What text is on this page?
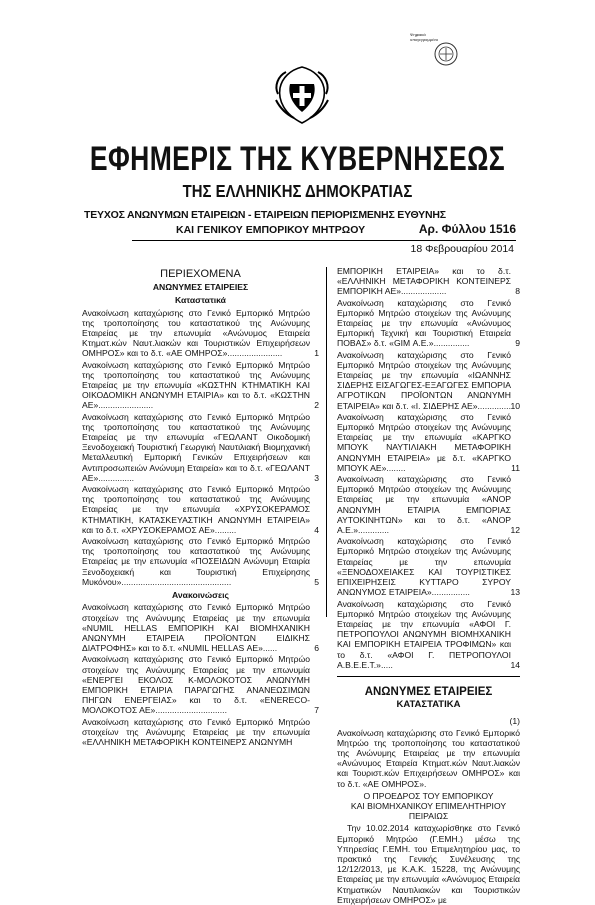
Ψηφιακά υπογεγραμμένο
ΕΦΗΜΕΡΙΣ ΤΗΣ ΚΥΒΕΡΝΗΣΕΩΣ
ΤΗΣ ΕΛΛΗΝΙΚΗΣ ΔΗΜΟΚΡΑΤΙΑΣ
ΤΕΥΧΟΣ ΑΝΩΝΥΜΩΝ ΕΤΑΙΡΕΙΩΝ - ΕΤΑΙΡΕΙΩΝ ΠΕΡΙΟΡΙΣΜΕΝΗΣ ΕΥΘΥΝΗΣ
ΚΑΙ ΓΕΝΙΚΟΥ ΕΜΠΟΡΙΚΟΥ ΜΗΤΡΩΟΥ	Αρ. Φύλλου 1516
18 Φεβρουαρίου 2014
ΠΕΡΙΕΧΟΜΕΝΑ
ΑΝΩΝΥΜΕΣ ΕΤΑΙΡΕΙΕΣ
Καταστατικά
Ανακοίνωση καταχώρισης στο Γενικό Εμπορικό Μητρώο της τροποποίησης του καταστατικού της Ανώνυμης Εταιρείας με την επωνυμία «Ανώνυμος Εταιρεία Κτηματ.κών Ναυτ.λιακών και Τουριστικών Επιχειρήσεων ΟΜΗΡΟΣ» και το δ.τ. «ΑΕ ΟΜΗΡΟΣ».......................	1
Ανακοίνωση καταχώρισης στο Γενικό Εμπορικό Μητρώο της τροποποίησης του καταστατικού της Ανώνυμης Εταιρείας με την επωνυμία «ΚΩΣΤΗΝ ΚΤΗΜΑΤΙΚΗ ΚΑΙ ΟΙΚΟΔΟΜΙΚΗ ΑΝΩΝΥΜΗ ΕΤΑΙΡΙΑ» και το δ.τ. «ΚΩΣΤΗΝ ΑΕ».......................	2
Ανακοίνωση καταχώρισης στο Γενικό Εμπορικό Μητρώο της τροποποίησης του καταστατικού της Ανώνυμης Εταιρείας με την επωνυμία «ΓΕΩΛΑΝΤ Οικοδομική Ξενοδοχειακή Τουριστική Γεωργική Ναυτιλιακή Βιομηχανική Μεταλλευτική Εμπορική Γενικών Επιχειρήσεων και Αντιπροσωπειών Ανώνυμη Εταιρεία» και το δ.τ. «ΓΕΩΛΑΝΤ ΑΕ»...............	3
Ανακοίνωση καταχώρισης στο Γενικό Εμπορικό Μητρώο της τροποποίησης του καταστατικού της Ανώνυμης Εταιρείας με την επωνυμία «ΧΡΥΣΟΚΕΡΑΜΟΣ ΚΤΗΜΑΤΙΚΗ, ΚΑΤΑΣΚΕΥΑΣΤΙΚΗ ΑΝΩΝΥΜΗ ΕΤΑΙΡΕΙΑ» και το δ.τ. «ΧΡΥΣΟΚΕΡΑΜΟΣ ΑΕ».........	4
Ανακοίνωση καταχώρισης στο Γενικό Εμπορικό Μητρώο της τροποποίησης του καταστατικού της Ανώνυμης Εταιρείας με την επωνυμία «ΠΟΣΕΙΔΩΝ Ανώνυμη Εταιρία Ξενοδοχειακή και Τουριστική Επιχείρησης Μυκόνου»..............................................	5
Ανακοινώσεις
Ανακοίνωση καταχώρισης στο Γενικό Εμπορικό Μητρώο στοιχείων της Ανώνυμης Εταιρείας με την επωνυμία «NUMIL HELLAS ΕΜΠΟΡΙΚΗ ΚΑΙ ΒΙΟΜΗΧΑΝΙΚΗ ΑΝΩΝΥΜΗ ΕΤΑΙΡΕΙΑ ΠΡΟΪΟΝΤΩΝ ΕΙΔΙΚΗΣ ΔΙΑΤΡΟΦΗΣ» και το δ.τ. «NUMIL HELLAS ΑΕ»......	6
Ανακοίνωση καταχώρισης στο Γενικό Εμπορικό Μητρώο στοιχείων της Ανώνυμης Εταιρείας με την επωνυμία «ΕΝΕΡΓΕΙ ΕΚΟΛΟΣ Κ-ΜΟΛΟΚΟΤΟΣ ΑΝΩΝΥΜΗ ΕΜΠΟΡΙΚΗ ΕΤΑΙΡΙΑ ΠΑΡΑΓΩΓΗΣ ΑΝΑΝΕΩΣΙΜΩΝ ΠΗΓΩΝ ΕΝΕΡΓΕΙΑΣ» και το δ.τ. «ENERECO-ΜΟΛΟΚΟΤΟΣ ΑΕ»..............................	7
Ανακοίνωση καταχώρισης στο Γενικό Εμπορικό Μητρώο στοιχείων της Ανώνυμης Εταιρείας με την επωνυμία «ΕΛΛΗΝΙΚΗ ΜΕΤΑΦΟΡΙΚΗ ΚΟΝΤΕΙΝΕΡΣ ΑΝΩΝΥΜΗ
ΕΜΠΟΡΙΚΗ ΕΤΑΙΡΕΙΑ» και το δ.τ. «ΕΛΛΗΝΙΚΗ ΜΕΤΑΦΟΡΙΚΗ ΚΟΝΤΕΙΝΕΡΣ ΕΜΠΟΡΙΚΗ ΑΕ»...................	8
Ανακοίνωση καταχώρισης στο Γενικό Εμπορικό Μητρώο στοιχείων της Ανώνυμης Εταιρείας με την επωνυμία «Ανώνυμος Εμπορική Τεχνική και Τουριστική Εταιρεία ΠΟΒΑΣ» δ.τ. «GIM Α.Ε.»...............	9
Ανακοίνωση καταχώρισης στο Γενικό Εμπορικό Μητρώο στοιχείων της Ανώνυμης Εταιρείας με την επωνυμία «ΙΩΑΝΝΗΣ ΣΙΔΕΡΗΣ ΕΙΣΑΓΩΓΕΣ-ΕΞΑΓΩΓΕΣ ΕΜΠΟΡΙΑ ΑΓΡΟΤΙΚΩΝ ΠΡΟΪΟΝΤΩΝ ΑΝΩΝΥΜΗ ΕΤΑΙΡΕΙΑ» και δ.τ. «Ι. ΣΙΔΕΡΗΣ ΑΕ».............. 10
Ανακοίνωση καταχώρισης στο Γενικό Εμπορικό Μητρώο στοιχείων της Ανώνυμης Εταιρείας με την επωνυμία «ΚΑΡΓΚΟ ΜΠΟΥΚ ΝΑΥΤΙΛΙΑΚΗ ΜΕΤΑΦΟΡΙΚΗ ΑΝΩΝΥΜΗ ΕΤΑΙΡΕΙΑ» με δ.τ. «ΚΑΡΓΚΟ ΜΠΟΥΚ ΑΕ»........	11
Ανακοίνωση καταχώρισης στο Γενικό Εμπορικό Μητρώο στοιχείων της Ανώνυμης Εταιρείας με την επωνυμία «ΑΝΟΡ ΑΝΩΝΥΜΗ ΕΤΑΙΡΙΑ ΕΜΠΟΡΙΑΣ ΑΥΤΟΚΙΝΗΤΩΝ» και το δ.τ. «ΑΝΟΡ Α.Ε.».............	12
Ανακοίνωση καταχώρισης στο Γενικό Εμπορικό Μητρώο στοιχείων της Ανώνυμης Εταιρείας με την επωνυμία «ΞΕΝΟΔΟΧΕΙΑΚΕΣ ΚΑΙ ΤΟΥΡΙΣΤΙΚΕΣ ΕΠΙΧΕΙΡΗΣΕΙΣ ΚΥΤΤΑΡΟ ΣΥΡΟΥ ΑΝΩΝΥΜΟΣ ΕΤΑΙΡΕΙΑ»................	13
Ανακοίνωση καταχώρισης στο Γενικό Εμπορικό Μητρώο στοιχείων της Ανώνυμης Εταιρείας με την επωνυμία «ΑΦΟΙ Γ. ΠΕΤΡΟΠΟΥΛΟΙ ΑΝΩΝΥΜΗ ΒΙΟΜΗΧΑΝΙΚΗ ΚΑΙ ΕΜΠΟΡΙΚΗ ΕΤΑΙΡΕΙΑ ΤΡΟΦΙΜΩΝ» και το δ.τ. «ΑΦΟΙ Γ. ΠΕΤΡΟΠΟΥΛΟΙ Α.Β.Ε.Ε.Τ.».....	14
ΑΝΩΝΥΜΕΣ ΕΤΑΙΡΕΙΕΣ
ΚΑΤΑΣΤΑΤΙΚΑ
(1)

Ανακοίνωση καταχώρισης στο Γενικό Εμπορικό Μητρώο της τροποποίησης του καταστατικού της Ανώνυμης Εταιρείας με την επωνυμία «Ανώνυμος Εταιρεία Κτηματ.κών Ναυτ.λιακών και Τουριστ.κών Επιχειρήσεων ΟΜΗΡΟΣ» και το δ.τ. «ΑΕ ΟΜΗΡΟΣ».

Ο ΠΡΟΕΔΡΟΣ ΤΟΥ ΕΜΠΟΡΙΚΟΥ
ΚΑΙ ΒΙΟΜΗΧΑΝΙΚΟΥ ΕΠΙΜΕΛΗΤΗΡΙΟΥ ΠΕΙΡΑΙΩΣ

Την 10.02.2014 καταχωρίσθηκε στο Γενικό Εμπορικό Μητρώο (Γ.ΕΜΗ.) μέσω της Υπηρεσίας Γ.ΕΜΗ. του Επιμελητηρίου μας, το πρακτικό της Γενικής Συνέλευσης της 12/12/2013, με Κ.Α.Κ. 15228, της Ανώνυμης Εταιρείας με την επωνυμία «Ανώνυμος Εταιρεία Κτηματικών Ναυτιλιακών και Τουριστικών Επιχειρήσεων ΟΜΗΡΟΣ» με
